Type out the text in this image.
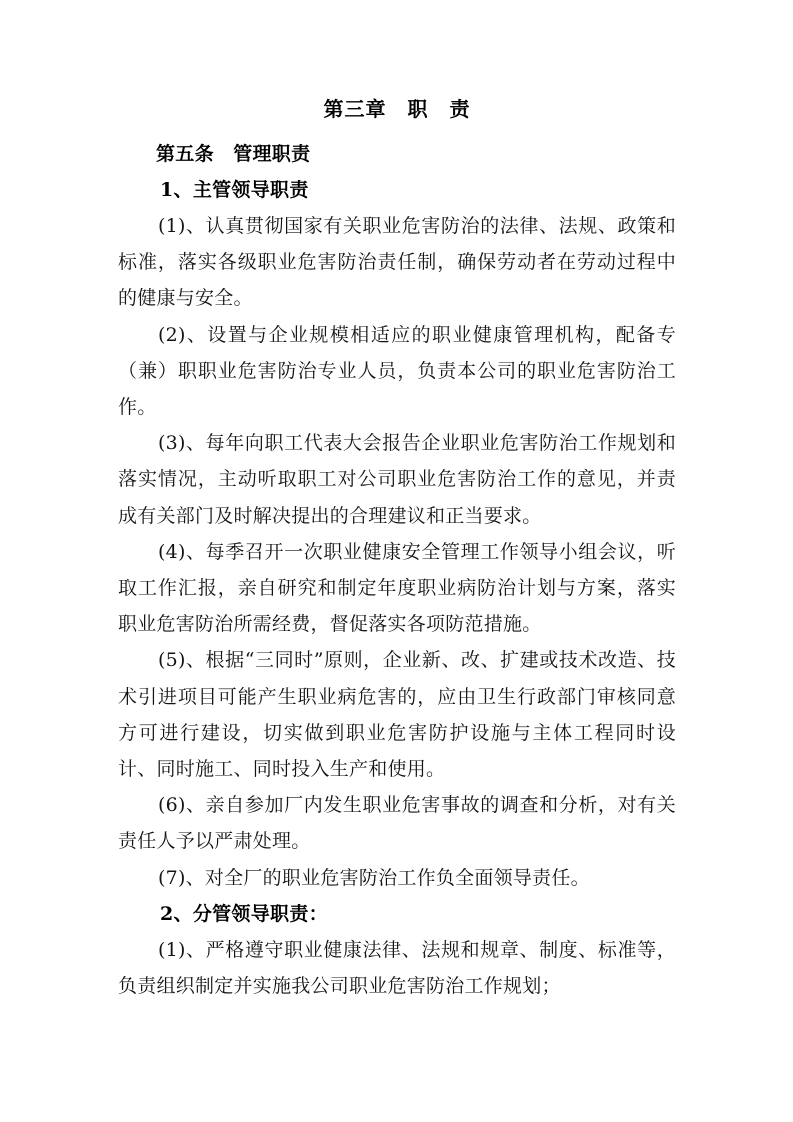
第三章　职　责

第五条　管理职责

1、主管领导职责

(1)、认真贯彻国家有关职业危害防治的法律、法规、政策和标准，落实各级职业危害防治责任制，确保劳动者在劳动过程中的健康与安全。

(2)、设置与企业规模相适应的职业健康管理机构，配备专（兼）职职业危害防治专业人员，负责本公司的职业危害防治工作。

(3)、每年向职工代表大会报告企业职业危害防治工作规划和落实情况，主动听取职工对公司职业危害防治工作的意见，并责成有关部门及时解决提出的合理建议和正当要求。

(4)、每季召开一次职业健康安全管理工作领导小组会议，听取工作汇报，亲自研究和制定年度职业病防治计划与方案，落实职业危害防治所需经费，督促落实各项防范措施。

(5)、根据“三同时”原则，企业新、改、扩建或技术改造、技术引进项目可能产生职业病危害的，应由卫生行政部门审核同意方可进行建设，切实做到职业危害防护设施与主体工程同时设计、同时施工、同时投入生产和使用。

(6)、亲自参加厂内发生职业危害事故的调查和分析，对有关责任人予以严肃处理。

(7)、对全厂的职业危害防治工作负全面领导责任。

2、分管领导职责：

(1)、严格遵守职业健康法律、法规和规章、制度、标准等，负责组织制定并实施我公司职业危害防治工作规划；
